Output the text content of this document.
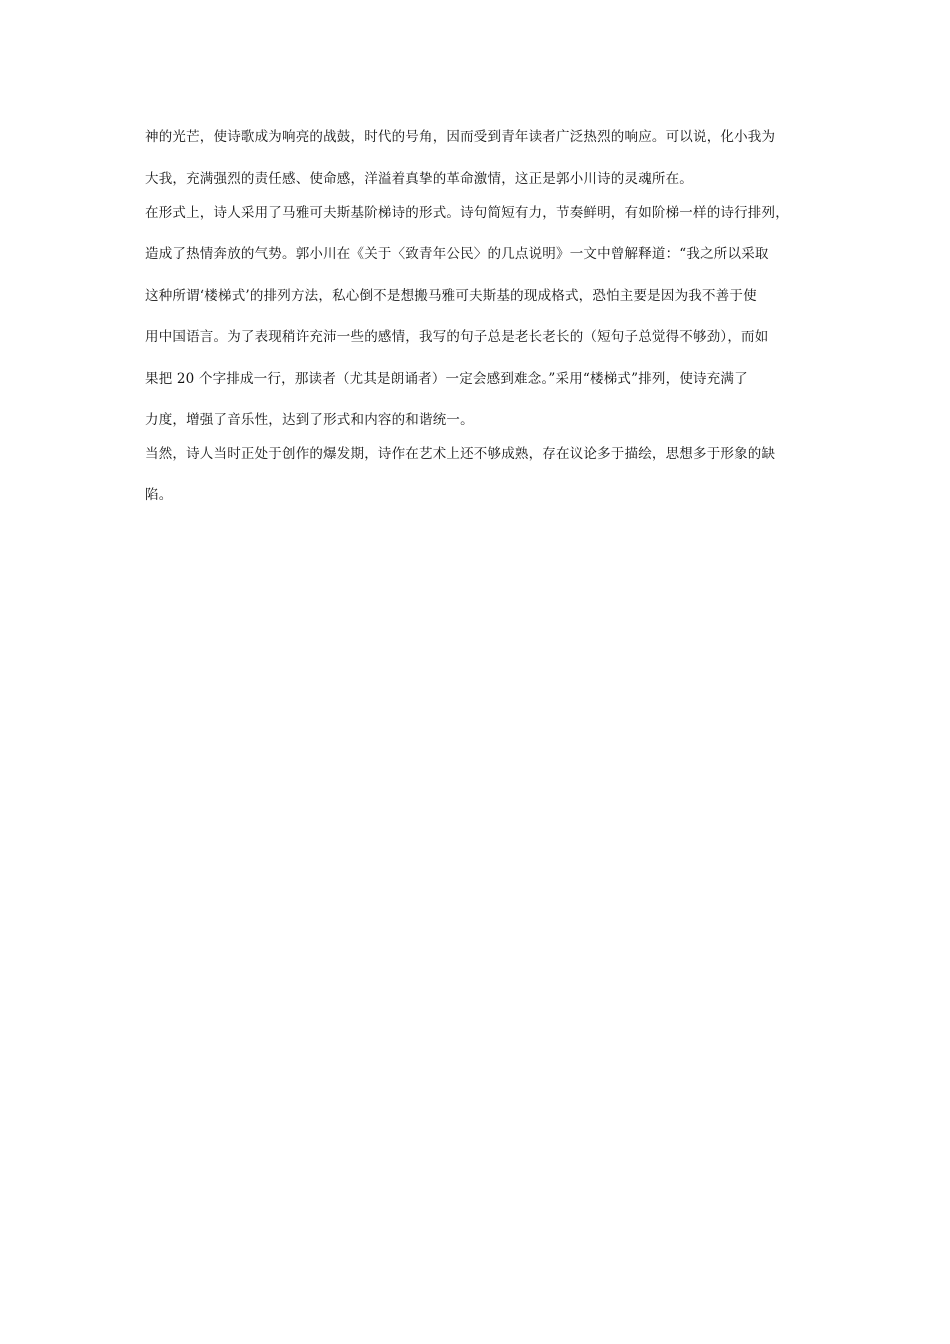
神的光芒，使诗歌成为响亮的战鼓，时代的号角，因而受到青年读者广泛热烈的响应。可以说，化小我为
大我，充满强烈的责任感、使命感，洋溢着真挚的革命激情，这正是郭小川诗的灵魂所在。
在形式上，诗人采用了马雅可夫斯基阶梯诗的形式。诗句简短有力，节奏鲜明，有如阶梯一样的诗行排列，
造成了热情奔放的气势。郭小川在《关于〈致青年公民〉的几点说明》一文中曾解释道：“我之所以采取
这种所谓‘楼梯式’的排列方法，私心倒不是想搬马雅可夫斯基的现成格式，恐怕主要是因为我不善于使
用中国语言。为了表现稍许充沛一些的感情，我写的句子总是老长老长的（短句子总觉得不够劲），而如
果把 20 个字排成一行，那读者（尤其是朗诵者）一定会感到难念。”采用“楼梯式”排列，使诗充满了
力度，增强了音乐性，达到了形式和内容的和谐统一。
当然，诗人当时正处于创作的爆发期，诗作在艺术上还不够成熟，存在议论多于描绘，思想多于形象的缺
陷。
